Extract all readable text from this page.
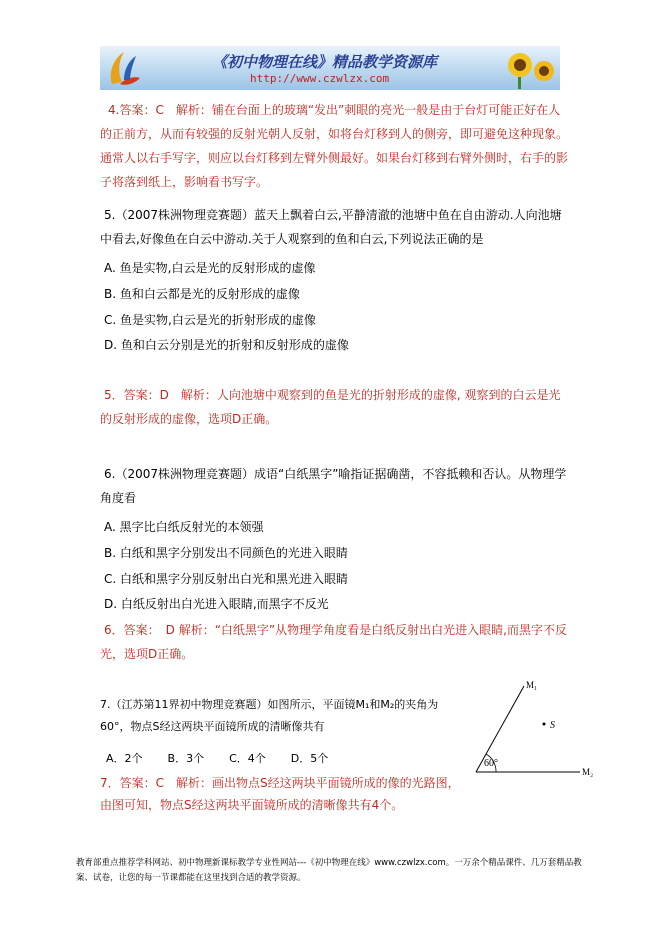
《初中物理在线》精品教学资源库
http://www.czwlzx.com

4.答案：C　解析：铺在台面上的玻璃“发出”刺眼的亮光一般是由于台灯可能正好在人的正前方，从而有较强的反射光朝人反射，如将台灯移到人的侧旁，即可避免这种现象。通常人以右手写字，则应以台灯移到左臂外侧最好。如果台灯移到右臂外侧时，右手的影子将落到纸上，影响看书写字。

5.（2007株洲物理竞赛题）蓝天上飘着白云,平静清澈的池塘中鱼在自由游动.人向池塘中看去,好像鱼在白云中游动.关于人观察到的鱼和白云,下列说法正确的是

A. 鱼是实物,白云是光的反射形成的虚像
B. 鱼和白云都是光的反射形成的虚像
C. 鱼是实物,白云是光的折射形成的虚像
D. 鱼和白云分别是光的折射和反射形成的虚像

5．答案：D　解析：人向池塘中观察到的鱼是光的折射形成的虚像, 观察到的白云是光的反射形成的虚像，选项D正确。

6.（2007株洲物理竞赛题）成语“白纸黑字”喻指证据确凿，不容抵赖和否认。从物理学角度看

A. 黑字比白纸反射光的本领强
B. 白纸和黑字分别发出不同颜色的光进入眼睛
C. 白纸和黑字分别反射出白光和黑光进入眼睛
D. 白纸反射出白光进入眼睛,而黑字不反光

6．答案：　D 解析：“白纸黑字”从物理学角度看是白纸反射出白光进入眼睛,而黑字不反光，选项D正确。

7.（江苏第11界初中物理竞赛题）如图所示，平面镜M₁和M₂的夹角为60°，物点S经这两块平面镜所成的清晰像共有

A．2个 B．3个 C．4个 D．5个

7．答案：C　解析：画出物点S经这两块平面镜所成的像的光路图，由图可知，物点S经这两块平面镜所成的清晰像共有4个。

60°
S
M₁
M₂
教育部重点推荐学科网站、初中物理新课标教学专业性网站---《初中物理在线》www.czwlzx.com。一万余个精品课件、几万套精品教案、试卷，让您的每一节课都能在这里找到合适的教学资源。
